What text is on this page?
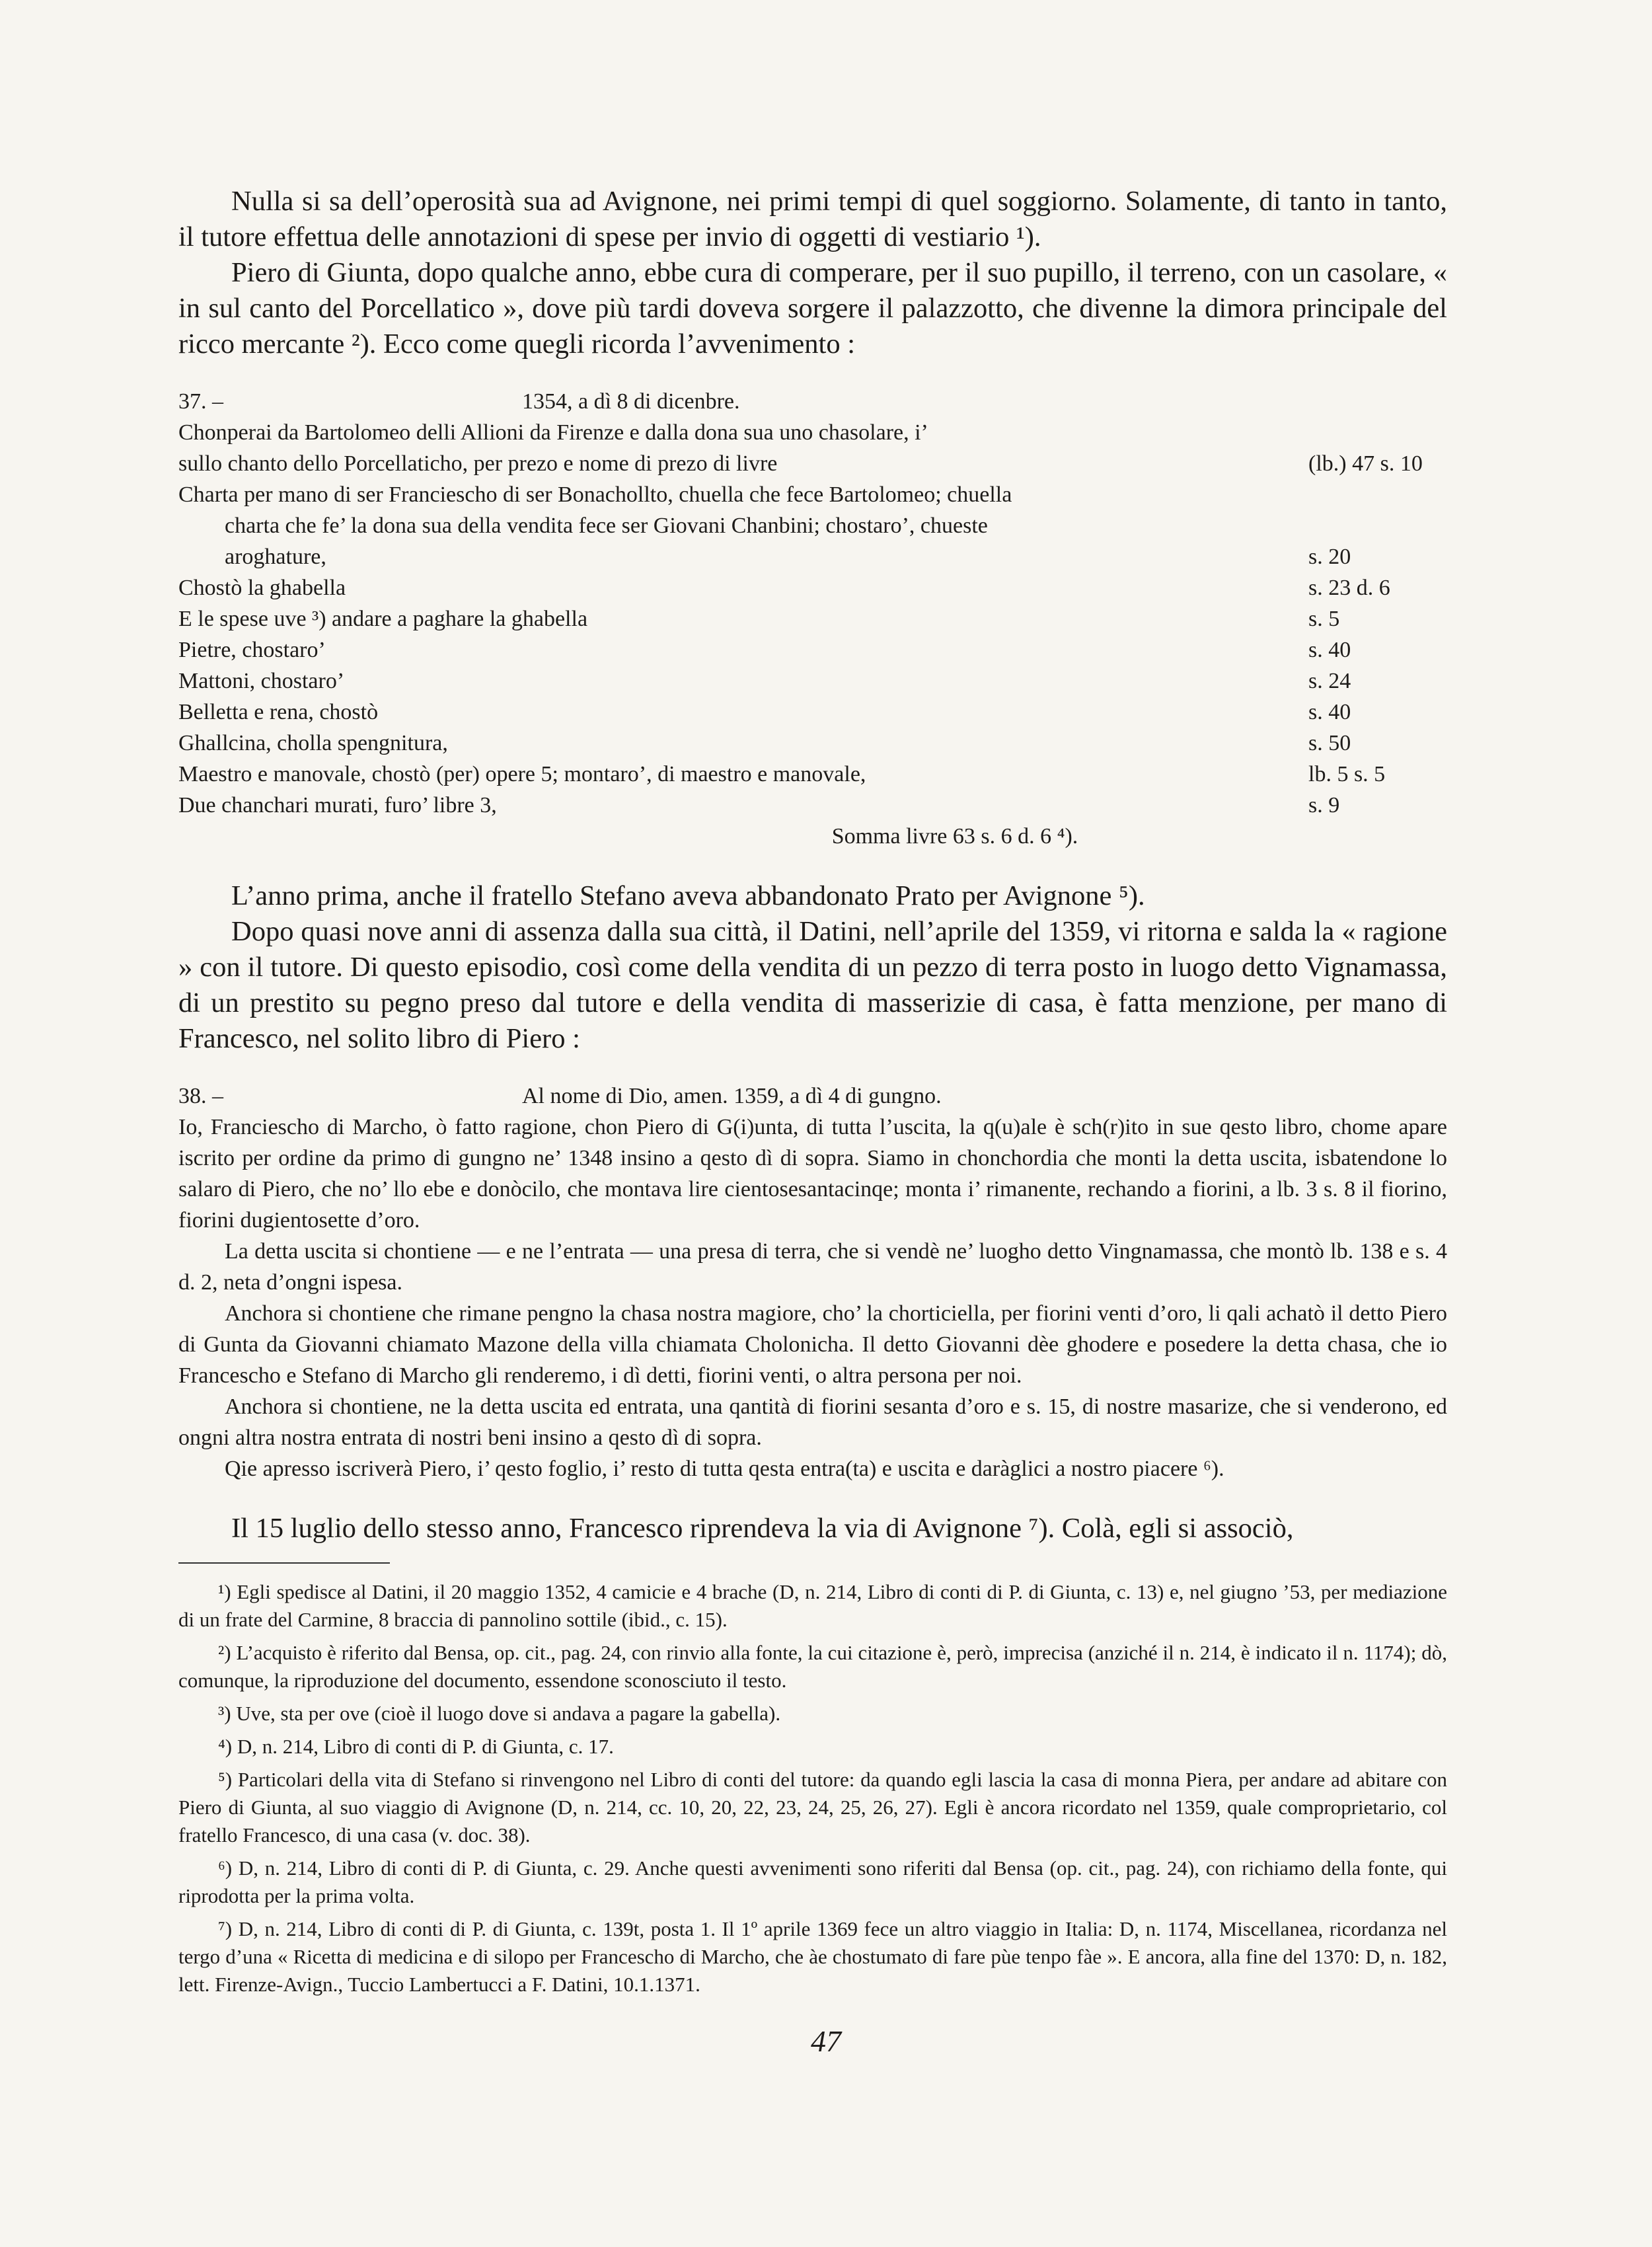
Nulla si sa dell’operosità sua ad Avignone, nei primi tempi di quel soggiorno. Solamente, di tanto in tanto, il tutore effettua delle annotazioni di spese per invio di oggetti di vestiario ¹).

Piero di Giunta, dopo qualche anno, ebbe cura di comperare, per il suo pupillo, il terreno, con un casolare, « in sul canto del Porcellatico », dove più tardi doveva sorgere il palazzotto, che divenne la dimora principale del ricco mercante ²). Ecco come quegli ricorda l’avvenimento :

37. –	1354, a dì 8 di dicenbre.
Chonperai da Bartolomeo delli Allioni da Firenze e dalla dona sua uno chasolare, i’
sullo chanto dello Porcellaticho, per prezo e nome di prezo di livre	(lb.) 47 s. 10
Charta per mano di ser Franciescho di ser Bonachollto, chuella che fece Bartolomeo; chuella
charta che fe’ la dona sua della vendita fece ser Giovani Chanbini; chostaro’, chueste
aroghature,	s. 20
Chostò la ghabella	s. 23 d. 6
E le spese uve ³) andare a paghare la ghabella	s. 5
Pietre, chostaro’	s. 40
Mattoni, chostaro’	s. 24
Belletta e rena, chostò	s. 40
Ghallcina, cholla spengnitura,	s. 50
Maestro e manovale, chostò (per) opere 5; montaro’, di maestro e manovale,	lb. 5 s. 5
Due chanchari murati, furo’ libre 3,	s. 9
Somma livre 63 s. 6 d. 6 ⁴).

L’anno prima, anche il fratello Stefano aveva abbandonato Prato per Avignone ⁵).

Dopo quasi nove anni di assenza dalla sua città, il Datini, nell’aprile del 1359, vi ritorna e salda la « ragione » con il tutore. Di questo episodio, così come della vendita di un pezzo di terra posto in luogo detto Vignamassa, di un prestito su pegno preso dal tutore e della vendita di masserizie di casa, è fatta menzione, per mano di Francesco, nel solito libro di Piero :

38. –	Al nome di Dio, amen. 1359, a dì 4 di gungno.
Io, Franciescho di Marcho, ò fatto ragione, chon Piero di G(i)unta, di tutta l’uscita, la q(u)ale è sch(r)ito in sue qesto libro, chome apare iscrito per ordine da primo di gungno ne’ 1348 insino a qesto dì di sopra. Siamo in chonchordia che monti la detta uscita, isbatendone lo salaro di Piero, che no’ llo ebe e donòcilo, che montava lire cientosesantacinqe; monta i’ rimanente, rechando a fiorini, a lb. 3 s. 8 il fiorino, fiorini dugientosette d’oro.
La detta uscita si chontiene — e ne l’entrata — una presa di terra, che si vendè ne’ luogho detto Vingnamassa, che montò lb. 138 e s. 4 d. 2, neta d’ongni ispesa.
Anchora si chontiene che rimane pengno la chasa nostra magiore, cho’ la chorticiella, per fiorini venti d’oro, li qali achatò il detto Piero di Gunta da Giovanni chiamato Mazone della villa chiamata Cholonicha. Il detto Giovanni dèe ghodere e posedere la detta chasa, che io Francescho e Stefano di Marcho gli renderemo, i dì detti, fiorini venti, o altra persona per noi.
Anchora si chontiene, ne la detta uscita ed entrata, una qantità di fiorini sesanta d’oro e s. 15, di nostre masarize, che si venderono, ed ongni altra nostra entrata di nostri beni insino a qesto dì di sopra.
Qie apresso iscriverà Piero, i’ qesto foglio, i’ resto di tutta qesta entra(ta) e uscita e daràglici a nostro piacere ⁶).

Il 15 luglio dello stesso anno, Francesco riprendeva la via di Avignone ⁷). Colà, egli si associò,

¹) Egli spedisce al Datini, il 20 maggio 1352, 4 camicie e 4 brache (D, n. 214, Libro di conti di P. di Giunta, c. 13) e, nel giugno ’53, per mediazione di un frate del Carmine, 8 braccia di pannolino sottile (ibid., c. 15).

²) L’acquisto è riferito dal Bensa, op. cit., pag. 24, con rinvio alla fonte, la cui citazione è, però, imprecisa (anziché il n. 214, è indicato il n. 1174); dò, comunque, la riproduzione del documento, essendone sconosciuto il testo.

³) Uve, sta per ove (cioè il luogo dove si andava a pagare la gabella).

⁴) D, n. 214, Libro di conti di P. di Giunta, c. 17.

⁵) Particolari della vita di Stefano si rinvengono nel Libro di conti del tutore: da quando egli lascia la casa di monna Piera, per andare ad abitare con Piero di Giunta, al suo viaggio di Avignone (D, n. 214, cc. 10, 20, 22, 23, 24, 25, 26, 27). Egli è ancora ricordato nel 1359, quale comproprietario, col fratello Francesco, di una casa (v. doc. 38).

⁶) D, n. 214, Libro di conti di P. di Giunta, c. 29. Anche questi avvenimenti sono riferiti dal Bensa (op. cit., pag. 24), con richiamo della fonte, qui riprodotta per la prima volta.

⁷) D, n. 214, Libro di conti di P. di Giunta, c. 139t, posta 1. Il 1º aprile 1369 fece un altro viaggio in Italia: D, n. 1174, Miscellanea, ricordanza nel tergo d’una « Ricetta di medicina e di silopo per Franceschо di Marcho, che àe chostumato di fare pùe tenpo fàe ». E ancora, alla fine del 1370: D, n. 182, lett. Firenze-Avign., Tuccio Lambertucci a F. Datini, 10.1.1371.

47
